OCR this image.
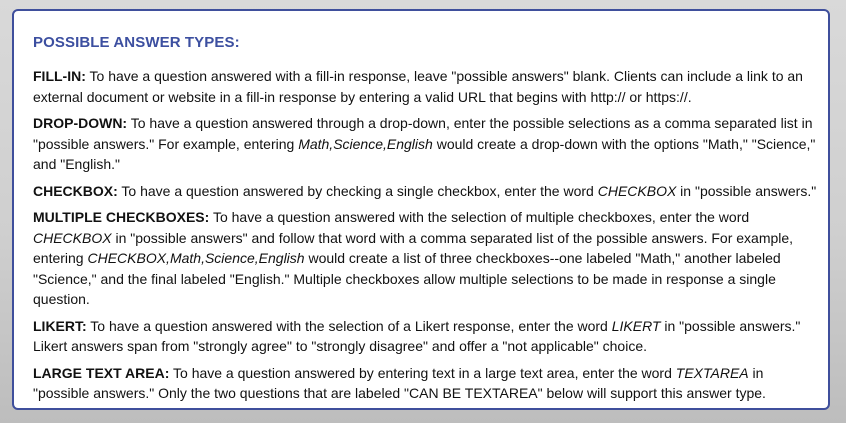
POSSIBLE ANSWER TYPES:

FILL-IN: To have a question answered with a fill-in response, leave "possible answers" blank. Clients can include a link to an external document or website in a fill-in response by entering a valid URL that begins with http:// or https://.

DROP-DOWN: To have a question answered through a drop-down, enter the possible selections as a comma separated list in "possible answers." For example, entering Math,Science,English would create a drop-down with the options "Math," "Science," and "English."

CHECKBOX: To have a question answered by checking a single checkbox, enter the word CHECKBOX in "possible answers."

MULTIPLE CHECKBOXES: To have a question answered with the selection of multiple checkboxes, enter the word CHECKBOX in "possible answers" and follow that word with a comma separated list of the possible answers. For example, entering CHECKBOX,Math,Science,English would create a list of three checkboxes--one labeled "Math," another labeled "Science," and the final labeled "English." Multiple checkboxes allow multiple selections to be made in response a single question.

LIKERT: To have a question answered with the selection of a Likert response, enter the word LIKERT in "possible answers." Likert answers span from "strongly agree" to "strongly disagree" and offer a "not applicable" choice.

LARGE TEXT AREA: To have a question answered by entering text in a large text area, enter the word TEXTAREA in "possible answers." Only the two questions that are labeled "CAN BE TEXTAREA" below will support this answer type.
